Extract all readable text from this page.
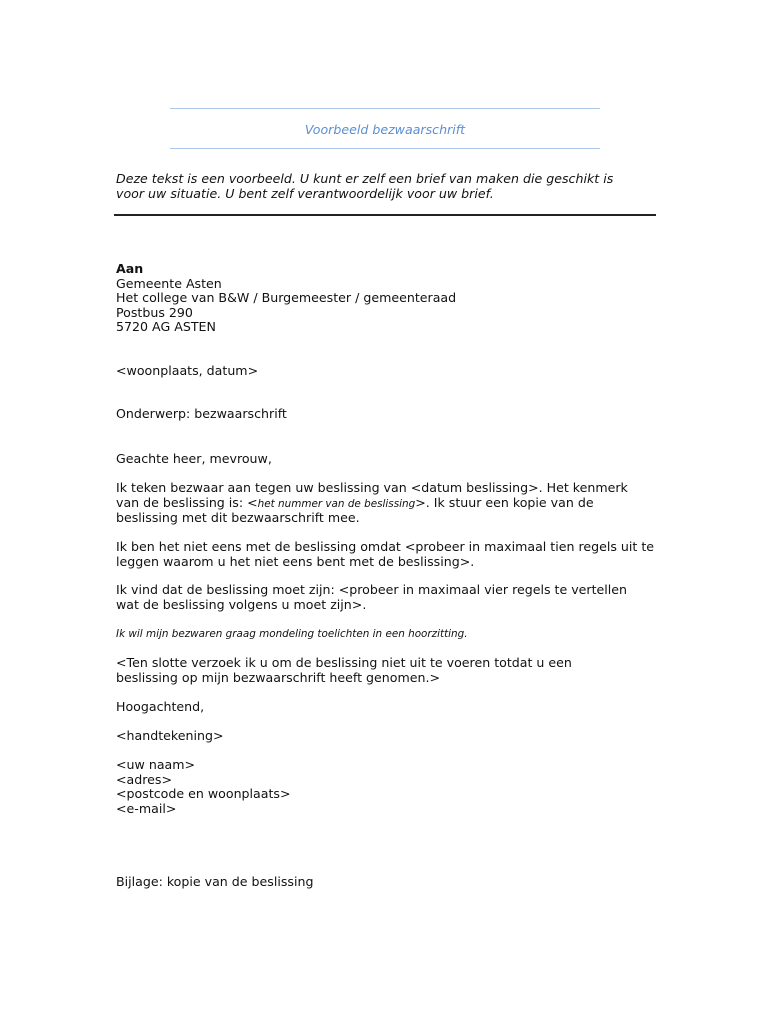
Voorbeeld bezwaarschrift
Deze tekst is een voorbeeld. U kunt er zelf een brief van maken die geschikt is
voor uw situatie. U bent zelf verantwoordelijk voor uw brief.
Aan
Gemeente Asten
Het college van B&W / Burgemeester / gemeenteraad
Postbus 290
5720 AG ASTEN
<woonplaats, datum>
Onderwerp: bezwaarschrift
Geachte heer, mevrouw,
Ik teken bezwaar aan tegen uw beslissing van <datum beslissing>. Het kenmerk
van de beslissing is: <het nummer van de beslissing>. Ik stuur een kopie van de
beslissing met dit bezwaarschrift mee.
Ik ben het niet eens met de beslissing omdat <probeer in maximaal tien regels uit te
leggen waarom u het niet eens bent met de beslissing>.
Ik vind dat de beslissing moet zijn: <probeer in maximaal vier regels te vertellen
wat de beslissing volgens u moet zijn>.
Ik wil mijn bezwaren graag mondeling toelichten in een hoorzitting.
<Ten slotte verzoek ik u om de beslissing niet uit te voeren totdat u een
beslissing op mijn bezwaarschrift heeft genomen.>
Hoogachtend,
<handtekening>
<uw naam>
<adres>
<postcode en woonplaats>
<e-mail>
Bijlage: kopie van de beslissing
